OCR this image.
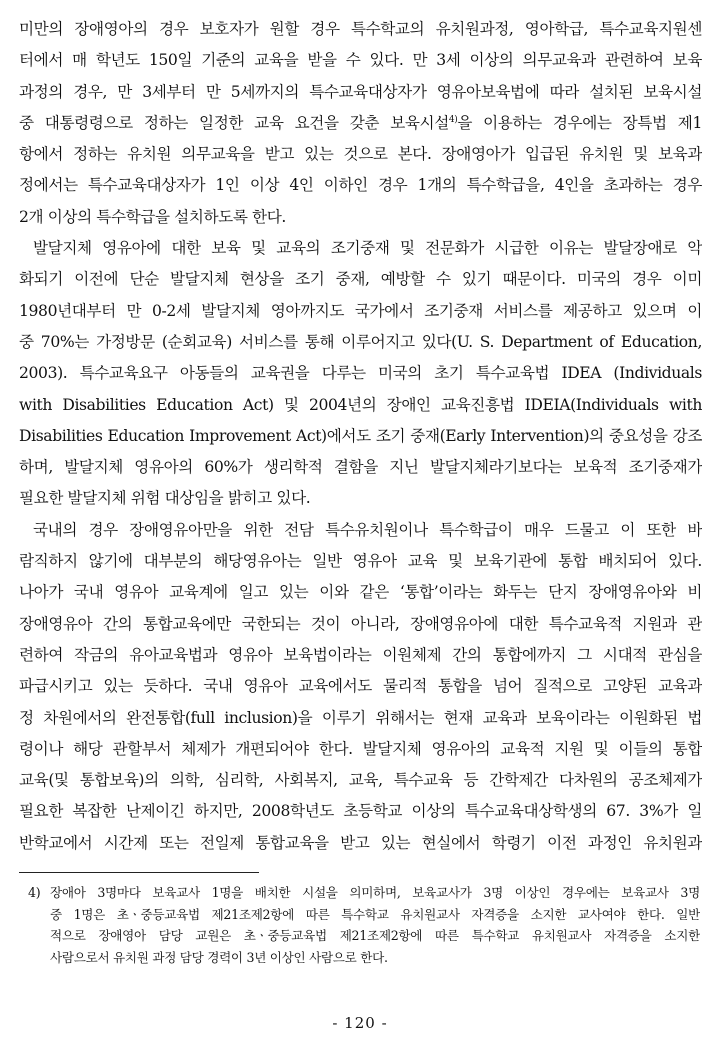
미만의 장애영아의 경우 보호자가 원할 경우 특수학교의 유치원과정, 영아학급, 특수교육지원센
터에서 매 학년도 150일 기준의 교육을 받을 수 있다. 만 3세 이상의 의무교육과 관련하여 보육
과정의 경우, 만 3세부터 만 5세까지의 특수교육대상자가 영유아보육법에 따라 설치된 보육시설
중 대통령령으로 정하는 일정한 교육 요건을 갖춘 보육시설$^{4)}$을 이용하는 경우에는 장특법 제1
항에서 정하는 유치원 의무교육을 받고 있는 것으로 본다. 장애영아가 입급된 유치원 및 보육과
정에서는 특수교육대상자가 1인 이상 4인 이하인 경우 1개의 특수학급을, 4인을 초과하는 경우
2개 이상의 특수학급을 설치하도록 한다.

발달지체 영유아에 대한 보육 및 교육의 조기중재 및 전문화가 시급한 이유는 발달장애로 악
화되기 이전에 단순 발달지체 현상을 조기 중재, 예방할 수 있기 때문이다. 미국의 경우 이미
1980년대부터 만 0-2세 발달지체 영아까지도 국가에서 조기중재 서비스를 제공하고 있으며 이
중 70%는 가정방문 (순회교육) 서비스를 통해 이루어지고 있다(U. S. Department of Education,
2003). 특수교육요구 아동들의 교육권을 다루는 미국의 초기 특수교육법 IDEA (Individuals
with Disabilities Education Act) 및 2004년의 장애인 교육진흥법 IDEIA(Individuals with
Disabilities Education Improvement Act)에서도 조기 중재(Early Intervention)의 중요성을 강조
하며, 발달지체 영유아의 60%가 생리학적 결함을 지닌 발달지체라기보다는 보육적 조기중재가
필요한 발달지체 위험 대상임을 밝히고 있다.

국내의 경우 장애영유아만을 위한 전담 특수유치원이나 특수학급이 매우 드물고 이 또한 바
람직하지 않기에 대부분의 해당영유아는 일반 영유아 교육 및 보육기관에 통합 배치되어 있다.
나아가 국내 영유아 교육계에 일고 있는 이와 같은 ‘통합’이라는 화두는 단지 장애영유아와 비
장애영유아 간의 통합교육에만 국한되는 것이 아니라, 장애영유아에 대한 특수교육적 지원과 관
련하여 작금의 유아교육법과 영유아 보육법이라는 이원체제 간의 통합에까지 그 시대적 관심을
파급시키고 있는 듯하다. 국내 영유아 교육에서도 물리적 통합을 넘어 질적으로 고양된 교육과
정 차원에서의 완전통합(full inclusion)을 이루기 위해서는 현재 교육과 보육이라는 이원화된 법
령이나 해당 관할부서 체제가 개편되어야 한다. 발달지체 영유아의 교육적 지원 및 이들의 통합
교육(및 통합보육)의 의학, 심리학, 사회복지, 교육, 특수교육 등 간학제간 다차원의 공조체제가
필요한 복잡한 난제이긴 하지만, 2008학년도 초등학교 이상의 특수교육대상학생의 67. 3%가 일
반학교에서 시간제 또는 전일제 통합교육을 받고 있는 현실에서 학령기 이전 과정인 유치원과

4) 장애아 3명마다 보육교사 1명을 배치한 시설을 의미하며, 보육교사가 3명 이상인 경우에는 보육교사 3명
중 1명은 초ㆍ중등교육법 제21조제2항에 따른 특수학교 유치원교사 자격증을 소지한 교사여야 한다. 일반
적으로 장애영아 담당 교원은 초ㆍ중등교육법 제21조제2항에 따른 특수학교 유치원교사 자격증을 소지한
사람으로서 유치원 과정 담당 경력이 3년 이상인 사람으로 한다.
- 120 -
